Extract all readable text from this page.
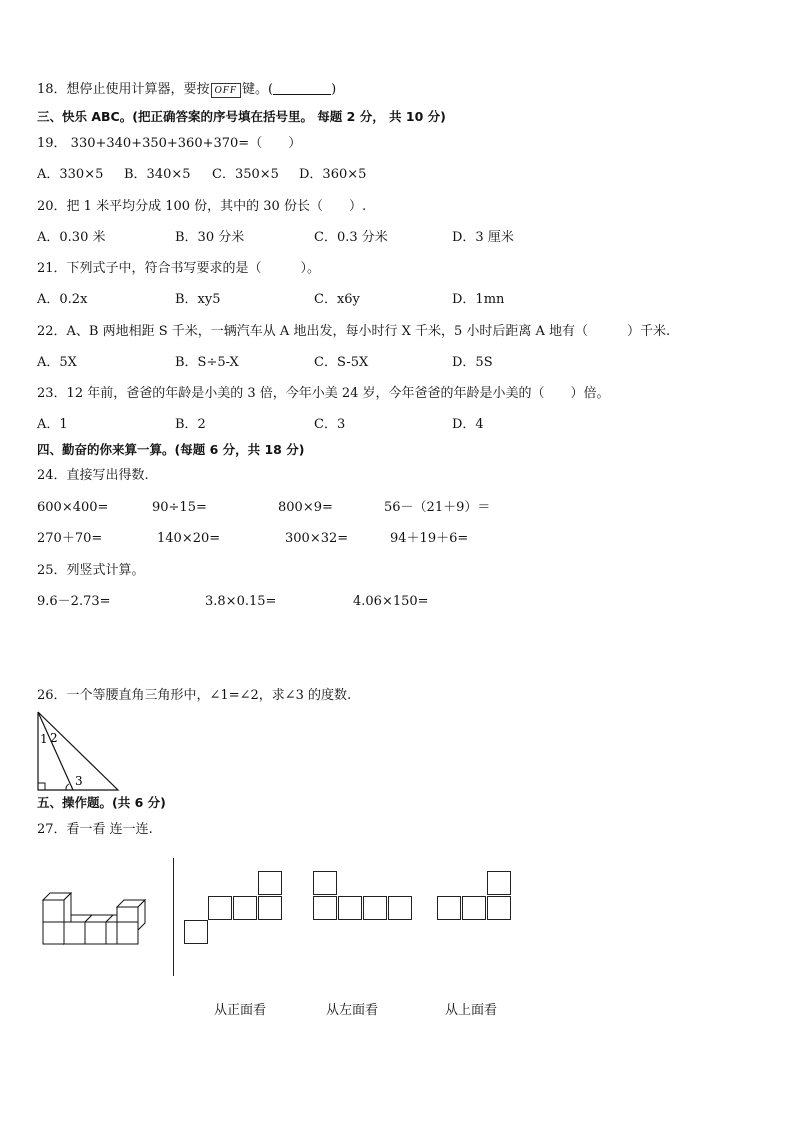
18．想停止使用计算器，要按 OFF 键。(	)
三、快乐 ABC。(把正确答案的序号填在括号里。 每题 2 分， 共 10 分)
19． 330+340+350+360+370=（　　）
A．330×5 B．340×5 C．350×5 D．360×5
20．把 1 米平均分成 100 份，其中的 30 份长（　　）.
A．0.30 米	B．30 分米	C．0.3 分米	D．3 厘米
21．下列式子中，符合书写要求的是（　　　）。
A．0.2x	B．xy5	C．x6y	D．1mn
22．A、B 两地相距 S 千米，一辆汽车从 A 地出发，每小时行 X 千米，5 小时后距离 A 地有（　　　）千米.
A．5X	B．S÷5-X	C．S-5X	D．5S
23．12 年前，爸爸的年龄是小美的 3 倍，今年小美 24 岁，今年爸爸的年龄是小美的（　　）倍。
A．1	B．2	C．3	D．4
四、勤奋的你来算一算。(每题 6 分，共 18 分)
24．直接写出得数.
600×400=	90÷15=	800×9=	56－（21＋9）＝
270＋70=	140×20=	300×32=	94＋19＋6=
25．列竖式计算。
9.6－2.73=	3.8×0.15=	4.06×150=
26．一个等腰直角三角形中，∠1=∠2，求∠3 的度数.
1 2
3
五、操作题。(共 6 分)
27．看一看 连一连.
从正面看	从左面看	从上面看
